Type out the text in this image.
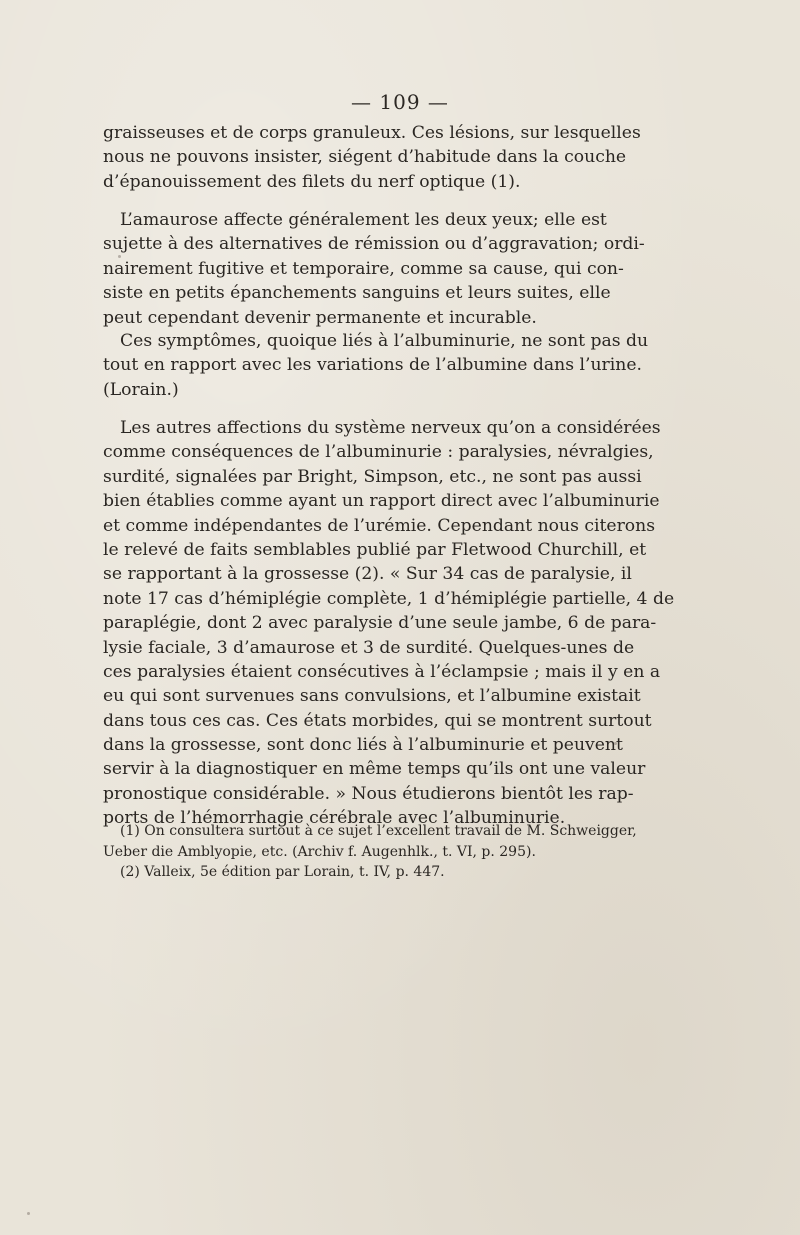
— 109 —
graisseuses et de corps granuleux. Ces lésions, sur lesquelles
nous ne pouvons insister, siégent d’habitude dans la couche
d’épanouissement des filets du nerf optique (1).
L’amaurose affecte généralement les deux yeux; elle est
sujette à des alternatives de rémission ou d’aggravation; ordi-
nairement fugitive et temporaire, comme sa cause, qui con-
siste en petits épanchements sanguins et leurs suites, elle
peut cependant devenir permanente et incurable.
Ces symptômes, quoique liés à l’albuminurie, ne sont pas du
tout en rapport avec les variations de l’albumine dans l’urine.
(Lorain.)
Les autres affections du système nerveux qu’on a considérées
comme conséquences de l’albuminurie : paralysies, névralgies,
surdité, signalées par Bright, Simpson, etc., ne sont pas aussi
bien établies comme ayant un rapport direct avec l’albuminurie
et comme indépendantes de l’urémie. Cependant nous citerons
le relevé de faits semblables publié par Fletwood Churchill, et
se rapportant à la grossesse (2). « Sur 34 cas de paralysie, il
note 17 cas d’hémiplégie complète, 1 d’hémiplégie partielle, 4 de
paraplégie, dont 2 avec paralysie d’une seule jambe, 6 de para-
lysie faciale, 3 d’amaurose et 3 de surdité. Quelques-unes de
ces paralysies étaient consécutives à l’éclampsie ; mais il y en a
eu qui sont survenues sans convulsions, et l’albumine existait
dans tous ces cas. Ces états morbides, qui se montrent surtout
dans la grossesse, sont donc liés à l’albuminurie et peuvent
servir à la diagnostiquer en même temps qu’ils ont une valeur
pronostique considérable. » Nous étudierons bientôt les rap-
ports de l’hémorrhagie cérébrale avec l’albuminurie.
(1) On consultera surtout à ce sujet l’excellent travail de M. Schweigger,
Ueber die Amblyopie, etc. (Archiv f. Augenhlk., t. VI, p. 295).
(2) Valleix, 5e édition par Lorain, t. IV, p. 447.
